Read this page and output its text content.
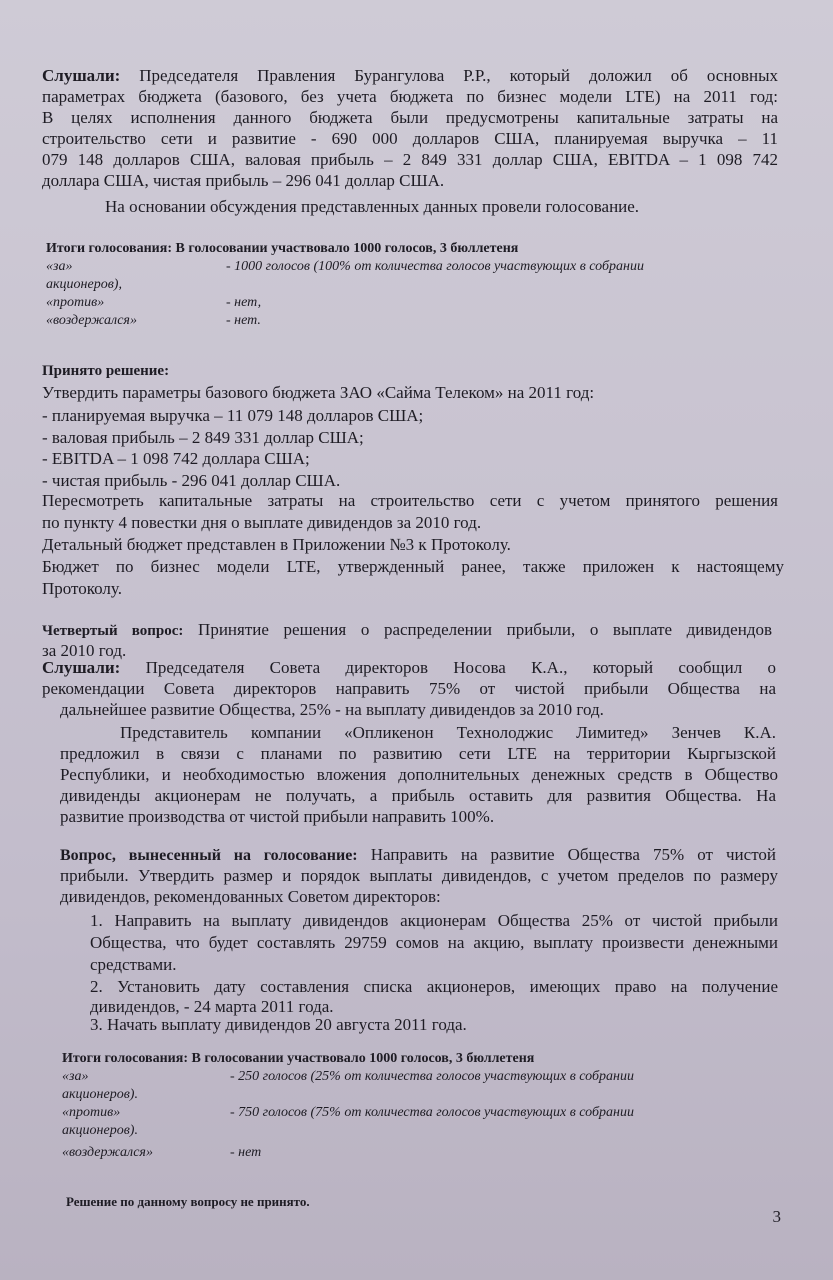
Слушали: Председателя Правления Бурангулова Р.Р., который доложил об основных

параметрах бюджета (базового, без учета бюджета по бизнес модели LTE) на 2011 год:

В целях исполнения данного бюджета были предусмотрены капитальные затраты на

строительство сети и развитие - 690 000 долларов США, планируемая выручка – 11

079 148 долларов США, валовая прибыль – 2 849 331 доллар США, EBITDA – 1 098 742

доллара США, чистая прибыль – 296 041 доллар США.

На основании обсуждения представленных данных провели голосование.

Итоги голосования: В голосовании участвовало 1000 голосов, 3 бюллетеня
«за»	- 1000 голосов (100% от количества голосов участвующих в собрании
акционеров),
«против»	- нет,
«воздержался»	- нет.

Принято решение:

Утвердить параметры базового бюджета ЗАО «Сайма Телеком» на 2011 год:

- планируемая выручка – 11 079 148 долларов США;

- валовая прибыль – 2 849 331 доллар США;

- EBITDA – 1 098 742 доллара США;

- чистая прибыль - 296 041 доллар США.

Пересмотреть капитальные затраты на строительство сети с учетом принятого решения

по пункту 4 повестки дня о выплате дивидендов за 2010 год.

Детальный бюджет представлен в Приложении №3 к Протоколу.

Бюджет по бизнес модели LTE, утвержденный ранее, также приложен к настоящему

Протоколу.

Четвертый вопрос: Принятие решения о распределении прибыли, о выплате дивидендов

за 2010 год.

Слушали: Председателя Совета директоров Носова К.А., который сообщил о

рекомендации Совета директоров направить 75% от чистой прибыли Общества на

дальнейшее развитие Общества, 25% - на выплату дивидендов за 2010 год.

Представитель компании «Опликенон Технолоджис Лимитед» Зенчев К.А.

предложил в связи с планами по развитию сети LTE на территории Кыргызской

Республики, и необходимостью вложения дополнительных денежных средств в Общество

дивиденды акционерам не получать, а прибыль оставить для развития Общества. На

развитие производства от чистой прибыли направить 100%.

Вопрос, вынесенный на голосование: Направить на развитие Общества 75% от чистой

прибыли. Утвердить размер и порядок выплаты дивидендов, с учетом пределов по размеру

дивидендов, рекомендованных Советом директоров:

1. Направить на выплату дивидендов акционерам Общества 25% от чистой прибыли

Общества, что будет составлять 29759 сомов на акцию, выплату произвести денежными

средствами.

2. Установить дату составления списка акционеров, имеющих право на получение

дивидендов, - 24 марта 2011 года.

3. Начать выплату дивидендов 20 августа 2011 года.

Итоги голосования: В голосовании участвовало 1000 голосов, 3 бюллетеня
«за»	- 250 голосов (25% от количества голосов участвующих в собрании
акционеров).
«против»	- 750 голосов (75% от количества голосов участвующих в собрании
акционеров).
«воздержался»	- нет

Решение по данному вопросу не принято.

3
